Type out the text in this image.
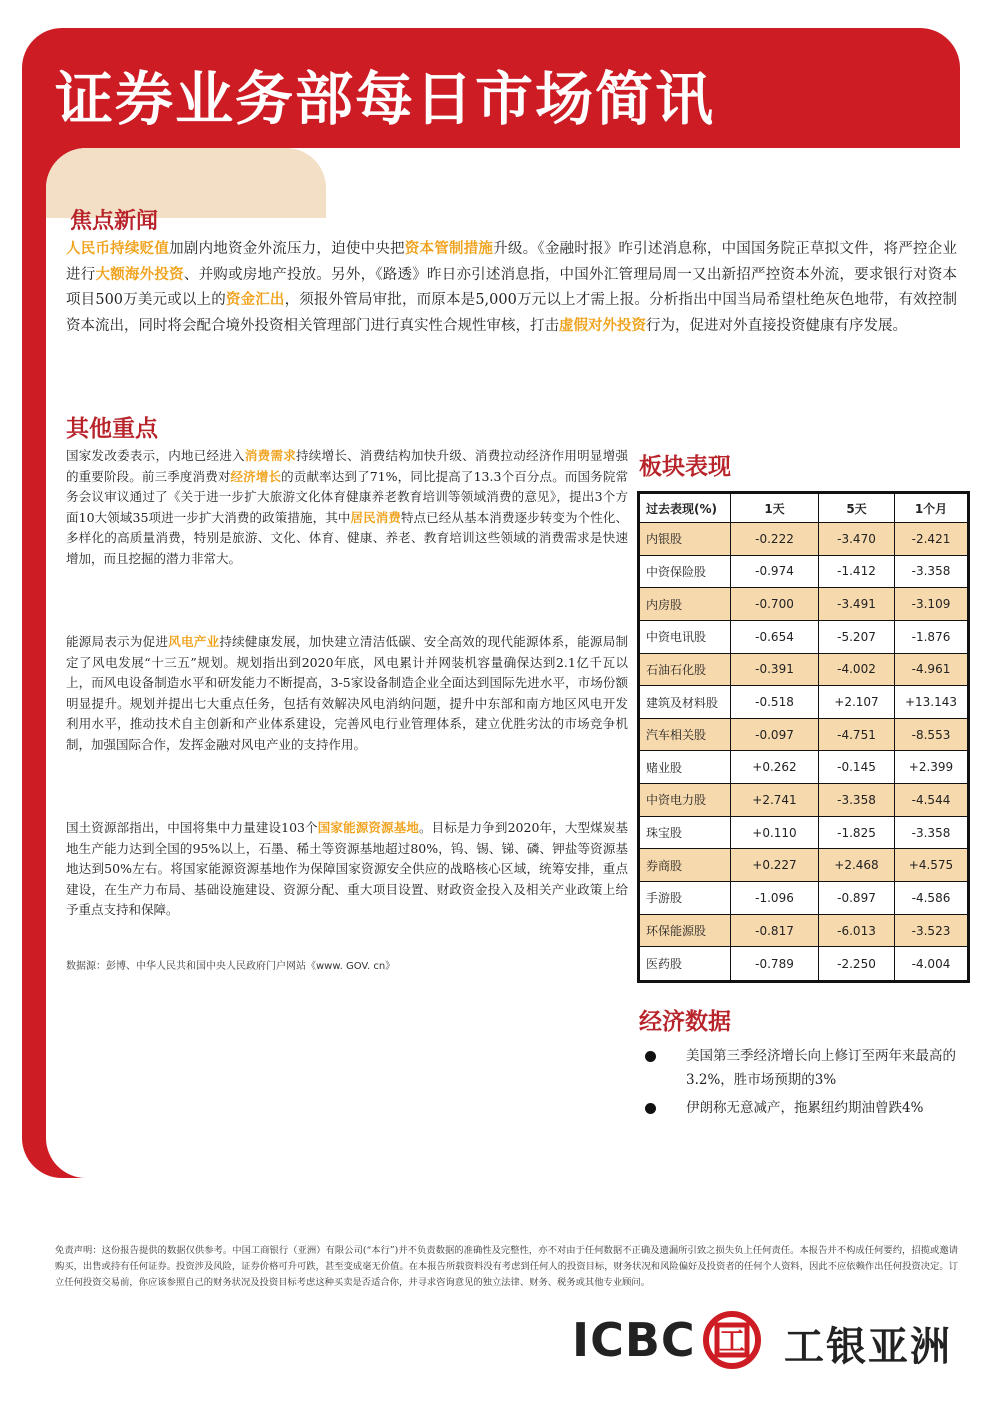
证券业务部每日市场简讯
30 NOV 2016
焦点新闻

人民币持续贬值加剧内地资金外流压力，迫使中央把资本管制措施升级。《金融时报》昨引述消息称，中国国务院正草拟文件，将严控企业进行大额海外投资、并购或房地产投放。另外，《路透》昨日亦引述消息指，中国外汇管理局周一又出新招严控资本外流，要求银行对资本项目500万美元或以上的资金汇出，须报外管局审批，而原本是5,000万元以上才需上报。分析指出中国当局希望杜绝灰色地带，有效控制资本流出，同时将会配合境外投资相关管理部门进行真实性合规性审核，打击虚假对外投资行为，促进对外直接投资健康有序发展。

其他重点

国家发改委表示，内地已经进入消费需求持续增长、消费结构加快升级、消费拉动经济作用明显增强的重要阶段。前三季度消费对经济增长的贡献率达到了71%，同比提高了13.3个百分点。而国务院常务会议审议通过了《关于进一步扩大旅游文化体育健康养老教育培训等领域消费的意见》，提出3个方面10大领域35项进一步扩大消费的政策措施，其中居民消费特点已经从基本消费逐步转变为个性化、多样化的高质量消费，特别是旅游、文化、体育、健康、养老、教育培训这些领域的消费需求是快速增加，而且挖掘的潜力非常大。

能源局表示为促进风电产业持续健康发展，加快建立清洁低碳、安全高效的现代能源体系，能源局制定了风电发展“十三五”规划。规划指出到2020年底，风电累计并网装机容量确保达到2.1亿千瓦以上，而风电设备制造水平和研发能力不断提高，3-5家设备制造企业全面达到国际先进水平，市场份额明显提升。规划并提出七大重点任务，包括有效解决风电消纳问题，提升中东部和南方地区风电开发利用水平，推动技术自主创新和产业体系建设，完善风电行业管理体系，建立优胜劣汰的市场竞争机制，加强国际合作，发挥金融对风电产业的支持作用。

国土资源部指出，中国将集中力量建设103个国家能源资源基地。目标是力争到2020年，大型煤炭基地生产能力达到全国的95%以上，石墨、稀土等资源基地超过80%，钨、锡、锑、磷、钾盐等资源基地达到50%左右。将国家能源资源基地作为保障国家资源安全供应的战略核心区域，统筹安排，重点建设，在生产力布局、基础设施建设、资源分配、重大项目设置、财政资金投入及相关产业政策上给予重点支持和保障。

数据源：彭博、中华人民共和国中央人民政府门户网站《www. GOV. cn》
板块表现
过去表现(%)	1天	5天	1个月
内银股	-0.222	-3.470	-2.421
中资保险股	-0.974	-1.412	-3.358
内房股	-0.700	-3.491	-3.109
中资电讯股	-0.654	-5.207	-1.876
石油石化股	-0.391	-4.002	-4.961
建筑及材料股	-0.518	+2.107	+13.143
汽车相关股	-0.097	-4.751	-8.553
赌业股	+0.262	-0.145	+2.399
中资电力股	+2.741	-3.358	-4.544
珠宝股	+0.110	-1.825	-3.358
券商股	+0.227	+2.468	+4.575
手游股	-1.096	-0.897	-4.586
环保能源股	-0.817	-6.013	-3.523
医药股	-0.789	-2.250	-4.004
经济数据
美国第三季经济增长向上修订至两年来最高的3.2%，胜市场预期的3%
伊朗称无意减产，拖累纽约期油曾跌4%

免责声明：这份报告提供的数据仅供参考。中国工商银行（亚洲）有限公司(“本行”)并不负责数据的准确性及完整性，亦不对由于任何数据不正确及遗漏所引致之损失负上任何责任。本报告并不构成任何要约，招揽或邀请购买，出售或持有任何证券。投资涉及风险，证券价格可升可跌，甚至变成毫无价值。在本报告所载资料没有考虑到任何人的投资目标，财务状况和风险偏好及投资者的任何个人资料，因此不应依赖作出任何投资决定。订立任何投资交易前，你应该参照自己的财务状况及投资目标考虑这种买卖是否适合你，并寻求咨询意见的独立法律、财务、税务或其他专业顾问。

ICBC 工 工银亚洲
